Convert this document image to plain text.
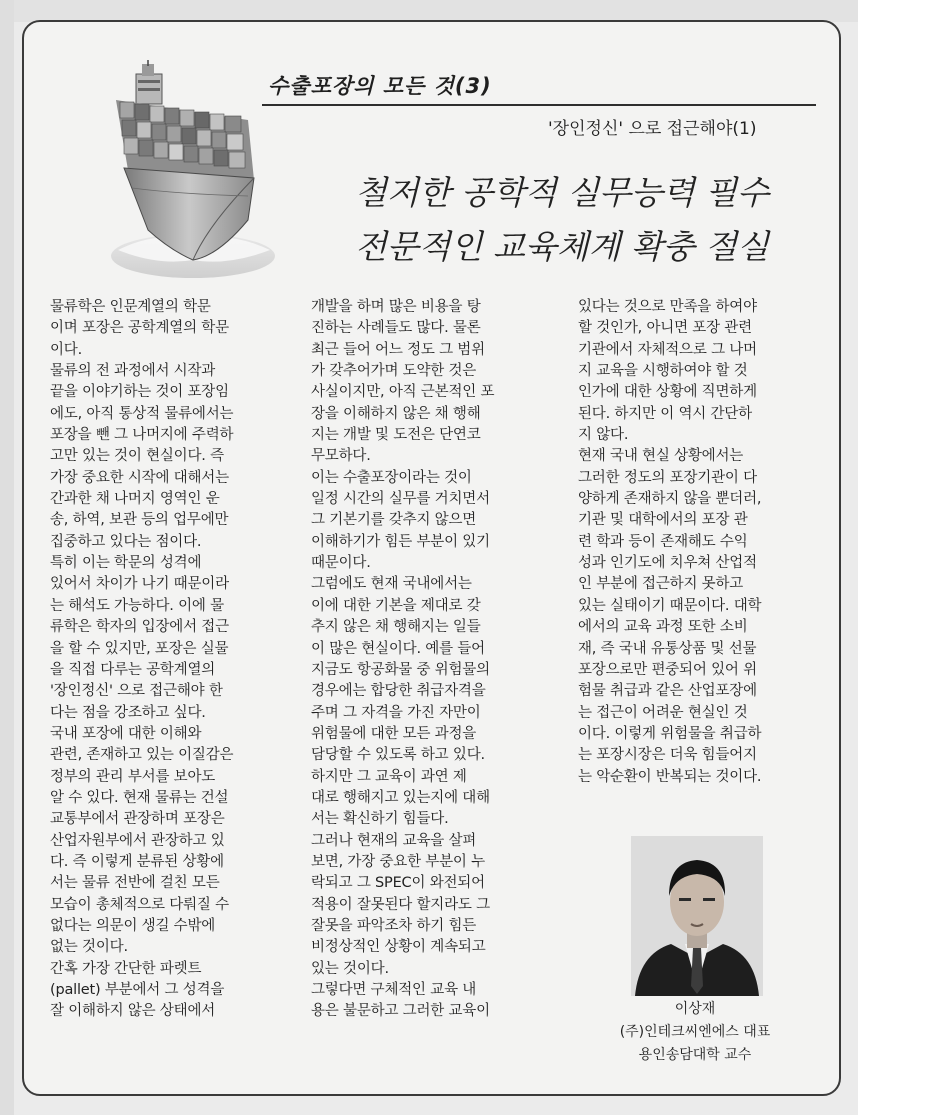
수출포장의 모든 것(3)
'장인정신' 으로 접근해야(1)
철저한 공학적 실무능력 필수
전문적인 교육체계 확충 절실
물류학은 인문계열의 학문
이며 포장은 공학계열의 학문
이다.
물류의 전 과정에서 시작과
끝을 이야기하는 것이 포장임
에도, 아직 통상적 물류에서는
포장을 뺀 그 나머지에 주력하
고만 있는 것이 현실이다. 즉
가장 중요한 시작에 대해서는
간과한 채 나머지 영역인 운
송, 하역, 보관 등의 업무에만
집중하고 있다는 점이다.
특히 이는 학문의 성격에
있어서 차이가 나기 때문이라
는 해석도 가능하다. 이에 물
류학은 학자의 입장에서 접근
을 할 수 있지만, 포장은 실물
을 직접 다루는 공학계열의
'장인정신' 으로 접근해야 한
다는 점을 강조하고 싶다.
국내 포장에 대한 이해와
관련, 존재하고 있는 이질감은
정부의 관리 부서를 보아도
알 수 있다. 현재 물류는 건설
교통부에서 관장하며 포장은
산업자원부에서 관장하고 있
다. 즉 이렇게 분류된 상황에
서는 물류 전반에 걸친 모든
모습이 총체적으로 다뤄질 수
없다는 의문이 생길 수밖에
없는 것이다.
간혹 가장 간단한 파렛트
(pallet) 부분에서 그 성격을
잘 이해하지 않은 상태에서
개발을 하며 많은 비용을 탕
진하는 사례들도 많다. 물론
최근 들어 어느 정도 그 범위
가 갖추어가며 도약한 것은
사실이지만, 아직 근본적인 포
장을 이해하지 않은 채 행해
지는 개발 및 도전은 단연코
무모하다.
이는 수출포장이라는 것이
일정 시간의 실무를 거치면서
그 기본기를 갖추지 않으면
이해하기가 힘든 부분이 있기
때문이다.
그럼에도 현재 국내에서는
이에 대한 기본을 제대로 갖
추지 않은 채 행해지는 일들
이 많은 현실이다. 예를 들어
지금도 항공화물 중 위험물의
경우에는 합당한 취급자격을
주며 그 자격을 가진 자만이
위험물에 대한 모든 과정을
담당할 수 있도록 하고 있다.
하지만 그 교육이 과연 제
대로 행해지고 있는지에 대해
서는 확신하기 힘들다.
그러나 현재의 교육을 살펴
보면, 가장 중요한 부분이 누
락되고 그 SPEC이 와전되어
적용이 잘못된다 할지라도 그
잘못을 파악조차 하기 힘든
비정상적인 상황이 계속되고
있는 것이다.
그렇다면 구체적인 교육 내
용은 불문하고 그러한 교육이
있다는 것으로 만족을 하여야
할 것인가, 아니면 포장 관련
기관에서 자체적으로 그 나머
지 교육을 시행하여야 할 것
인가에 대한 상황에 직면하게
된다. 하지만 이 역시 간단하
지 않다.
현재 국내 현실 상황에서는
그러한 정도의 포장기관이 다
양하게 존재하지 않을 뿐더러,
기관 및 대학에서의 포장 관
련 학과 등이 존재해도 수익
성과 인기도에 치우쳐 산업적
인 부분에 접근하지 못하고
있는 실태이기 때문이다. 대학
에서의 교육 과정 또한 소비
재, 즉 국내 유통상품 및 선물
포장으로만 편중되어 있어 위
험물 취급과 같은 산업포장에
는 접근이 어려운 현실인 것
이다. 이렇게 위험물을 취급하
는 포장시장은 더욱 힘들어지
는 악순환이 반복되는 것이다.
이상재
(주)인테크씨엔에스 대표
용인송담대학 교수
